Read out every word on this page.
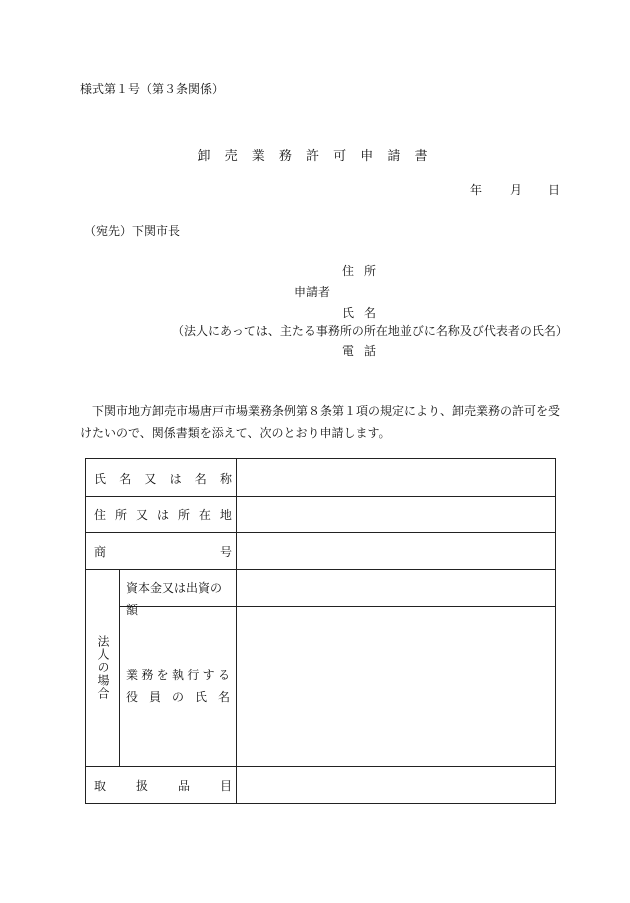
様式第１号（第３条関係）
卸 売 業 務 許 可 申 請 書
年 月 日
（宛先）下関市長
住所
申請者
氏名
（法人にあっては、主たる事務所の所在地並びに名称及び代表者の氏名）
電話
下関市地方卸売市場唐戸市場業務条例第８条第１項の規定により、卸売業務の許可を受けたいので、関係書類を添えて、次のとおり申請します。
氏 名 又 は 名 称
住 所 又 は 所 在 地
商	号
法人の場合
資本金又は出資の額
業 務 を 執 行 す る
役 員 の 氏 名
取 扱 品 目
